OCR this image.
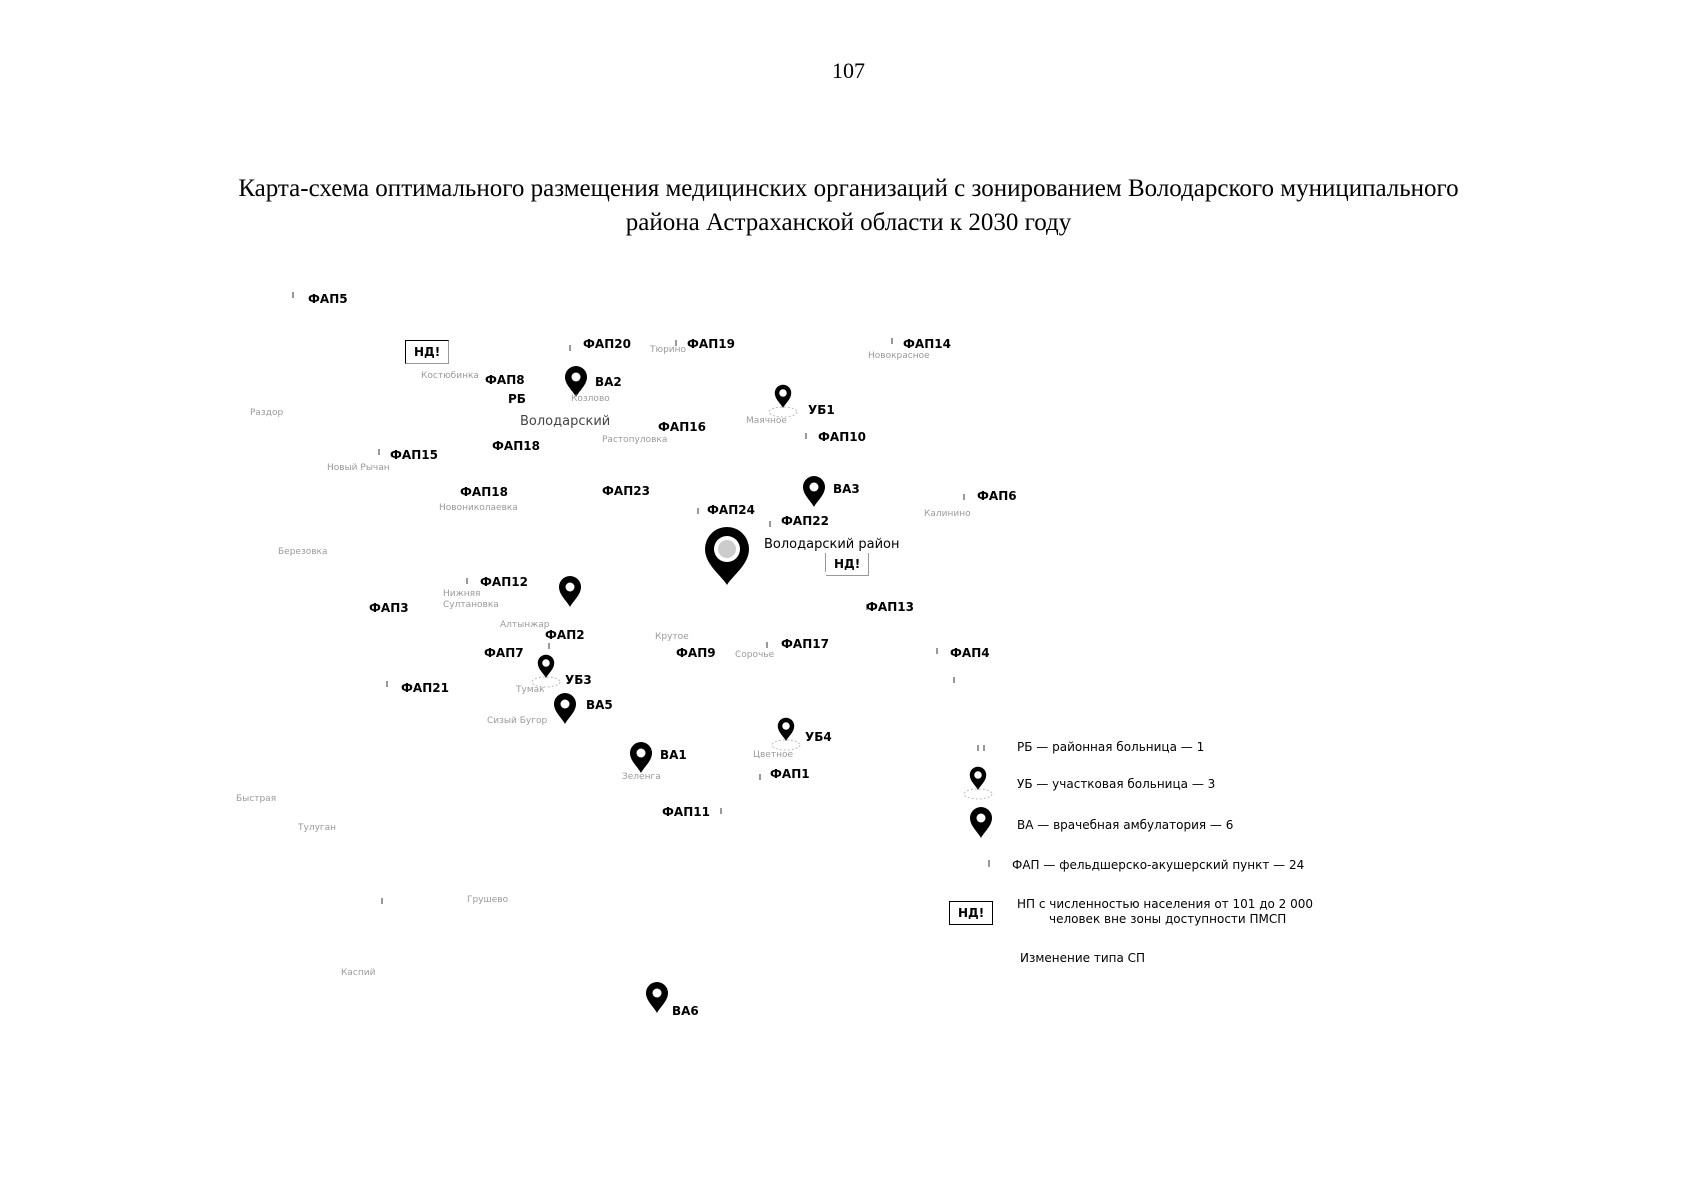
107
Карта-схема оптимального размещения медицинских организаций с зонированием Володарского муниципального
района Астраханской области к 2030 году
ФАП5
ФАП20	ФАП19	ФАП14
ФАП8
РБ
ВА2
УБ1
ФАП16
ФАП10
ФАП18
ФАП15
ФАП18	ФАП23	ВА3	ФАП6
ФАП24
ФАП22
ФАП12
ФАП3	ФАП13
ФАП2
ФАП17
ФАП7	ФАП9	ФАП4
УБ3
ФАП21
ВА5
УБ4
ВА1
ФАП1
ФАП11
ВА6
Володарский
Володарский район
НД!
НД!
Тюрино
Новокрасное
Костюбинка
Козлово
Раздор
Маячное
Растопуловка
Новый Рычан
Новониколаевка
Калинино
Березовка
Нижняя Султановка
Алтынжар
Крутое
Сорочье
Тумак
Сизый Бугор
Цветное
Зеленга
Быстрая
Тулуган
Грушево
Каспий
РБ — районная больница — 1
УБ — участковая больница — 3
ВА — врачебная амбулатория — 6
ФАП — фельдшерско-акушерский пункт — 24
НД!
НП с численностью населения от 101 до 2 000
человек вне зоны доступности ПМСП
Изменение типа СП
